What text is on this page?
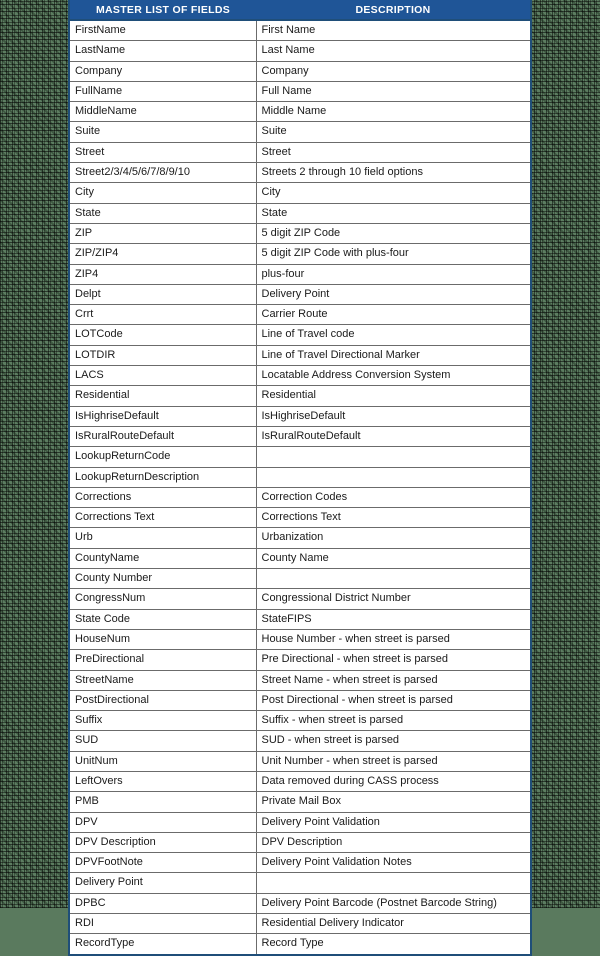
MASTER LIST OF FIELDS	DESCRIPTION
FirstName	First Name
LastName	Last Name
Company	Company
FullName	Full Name
MiddleName	Middle Name
Suite	Suite
Street	Street
Street2/3/4/5/6/7/8/9/10	Streets 2 through 10 field options
City	City
State	State
ZIP	5 digit ZIP Code
ZIP/ZIP4	5 digit ZIP Code with plus-four
ZIP4	plus-four
Delpt	Delivery Point
Crrt	Carrier Route
LOTCode	Line of Travel code
LOTDIR	Line of Travel Directional Marker
LACS	Locatable Address Conversion System
Residential	Residential
IsHighriseDefault	IsHighriseDefault
IsRuralRouteDefault	IsRuralRouteDefault
LookupReturnCode	
LookupReturnDescription	
Corrections	Correction Codes
Corrections Text	Corrections Text
Urb	Urbanization
CountyName	County Name
County Number	
CongressNum	Congressional District Number
State Code	StateFIPS
HouseNum	House Number - when street is parsed
PreDirectional	Pre Directional - when street is parsed
StreetName	Street Name - when street is parsed
PostDirectional	Post Directional - when street is parsed
Suffix	Suffix - when street is parsed
SUD	SUD - when street is parsed
UnitNum	Unit Number - when street is parsed
LeftOvers	Data removed during CASS process
PMB	Private Mail Box
DPV	Delivery Point Validation
DPV Description	DPV Description
DPVFootNote	Delivery Point Validation Notes
Delivery Point	
DPBC	Delivery Point Barcode (Postnet Barcode String)
RDI	Residential Delivery Indicator
RecordType	Record Type
